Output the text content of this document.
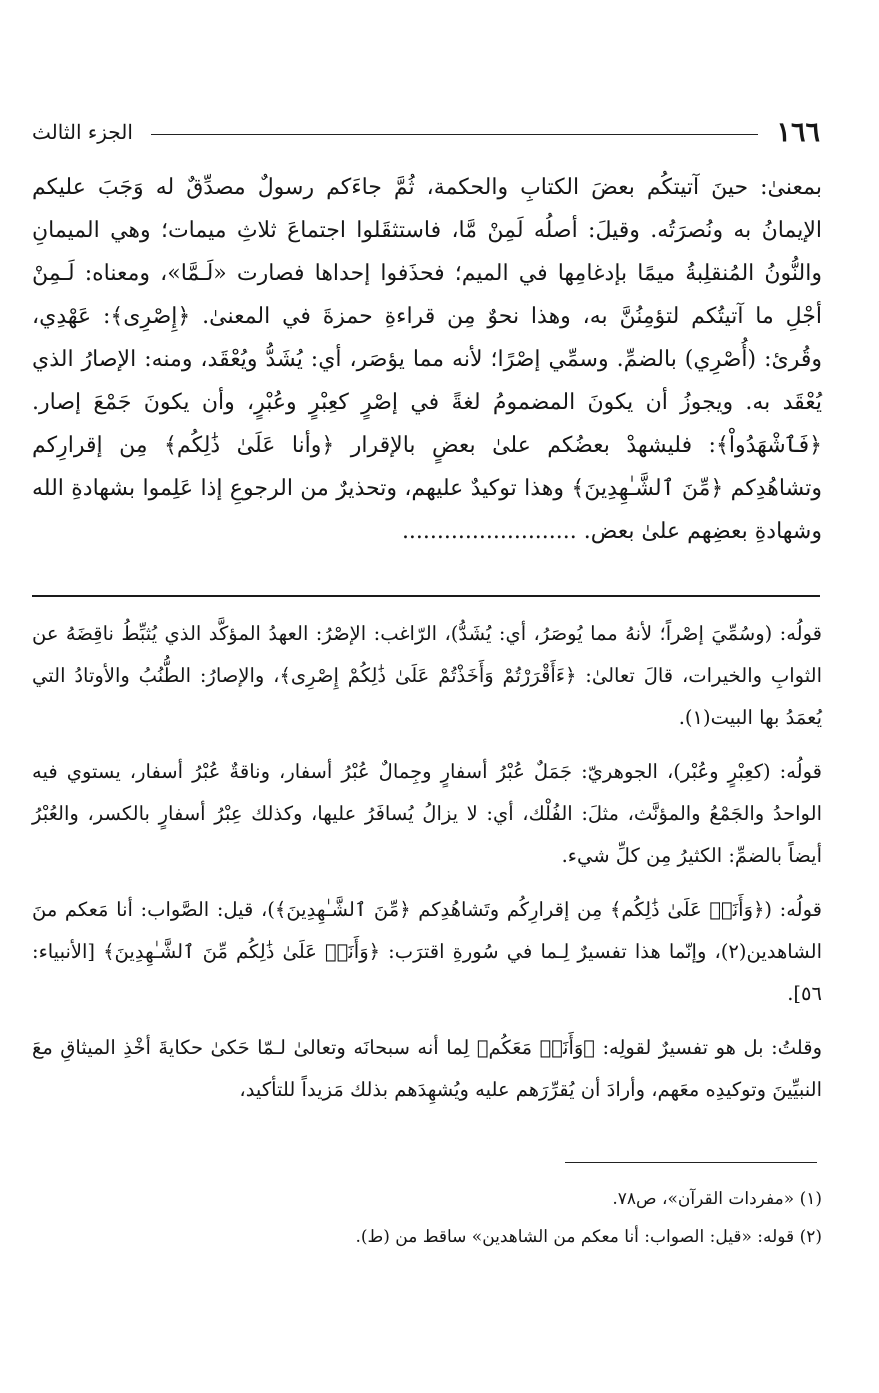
١٦٦
الجزء الثالث

بمعنىٰ: حينَ آتيتكُم بعضَ الكتابِ والحكمة، ثُمَّ جاءَكم رسولٌ مصدِّقٌ له وَجَبَ عليكم الإيمانُ به ونُصرَتُه. وقيلَ: أصلُه لَمِنْ مَّا، فاستثقَلوا اجتماعَ ثلاثِ ميمات؛ وهي الميمانِ والنُّونُ المُنقلِبةُ ميمًا بإدغامِها في الميم؛ فحذَفوا إحداها فصارت «لَـمَّا»، ومعناه: لَـمِنْ أجْلِ ما آتيتُكم لتؤمِنُنَّ به، وهذا نحوٌ مِن قراءةِ حمزةَ في المعنىٰ. ﴿إِصْرِى﴾: عَهْدِي، وقُرئ: (أُصْرِي) بالضمِّ. وسمِّي إصْرًا؛ لأنه مما يؤصَر، أي: يُشَدُّ ويُعْقَد، ومنه: الإصارُ الذي يُعْقَد به. ويجوزُ أن يكونَ المضمومُ لغةً في إصْرٍ كعِبْرٍ وعُبْرٍ، وأن يكونَ جَمْعَ إصار. ﴿فَٱشْهَدُواْ﴾: فليشهدْ بعضُكم علىٰ بعضٍ بالإقرار ﴿وأنا عَلَىٰ ذَٰلِكُم﴾ مِن إقرارِكم وتشاهُدِكم ﴿مِّنَ ٱلشَّـٰهِدِينَ﴾ وهذا توكيدٌ عليهم، وتحذيرٌ من الرجوعِ إذا عَلِموا بشهادةِ الله وشهادةِ بعضِهم علىٰ بعض. .........................

قولُه: (وسُمِّيَ إصْراً؛ لأنهُ مما يُوصَرُ، أي: يُشَدُّ)، الرّاغب: الإصْرُ: العهدُ المؤكَّد الذي يُثبِّطُ ناقِضَهُ عن الثوابِ والخيرات، قالَ تعالىٰ: ﴿ءَأَقْرَرْتُمْ وَأَخَذْتُمْ عَلَىٰ ذَٰلِكُمْ إِصْرِى﴾، والإصارُ: الطُّنُبُ والأوتادُ التي يُعمَدُ بها البيت(١).

قولُه: (كعِبْرٍ وعُبْر)، الجوهريّ: جَمَلٌ عُبْرُ أسفارٍ وجِمالٌ عُبْرُ أسفار، وناقةٌ عُبْرُ أسفار، يستوي فيه الواحدُ والجَمْعُ والمؤنَّث، مثلَ: الفُلْك، أي: لا يزالُ يُسافَرُ عليها، وكذلك عِبْرُ أسفارٍ بالكسر، والعُبْرُ أيضاً بالضمِّ: الكثيرُ مِن كلِّ شيء.

قولُه: (﴿وَأَنَا۠ عَلَىٰ ذَٰلِكُم﴾ مِن إقرارِكُم وتَشاهُدِكم ﴿مِّنَ ٱلشَّـٰهِدِينَ﴾)، قيل: الصَّواب: أنا مَعكم منَ الشاهدين(٢)، وإنّما هذا تفسيرٌ لِـما في سُورةِ اقترَب: ﴿وَأَنَا۠ عَلَىٰ ذَٰلِكُم مِّنَ ٱلشَّـٰهِدِينَ﴾ [الأنبياء: ٥٦].

وقلتُ: بل هو تفسيرٌ لقولِه: ﴿وَأَنَا۠ مَعَكُم﴾ لِما أنه سبحانَه وتعالىٰ لـمّا حَكىٰ حكايةَ أخْذِ الميثاقِ معَ النبيِّينَ وتوكيدِه معَهم، وأرادَ أن يُقرِّرَهم عليه ويُشهِدَهم بذلك مَزيداً للتأكيد،

(١) «مفردات القرآن»، ص٧٨.

(٢) قوله: «قيل: الصواب: أنا معكم من الشاهدين» ساقط من (ط).
